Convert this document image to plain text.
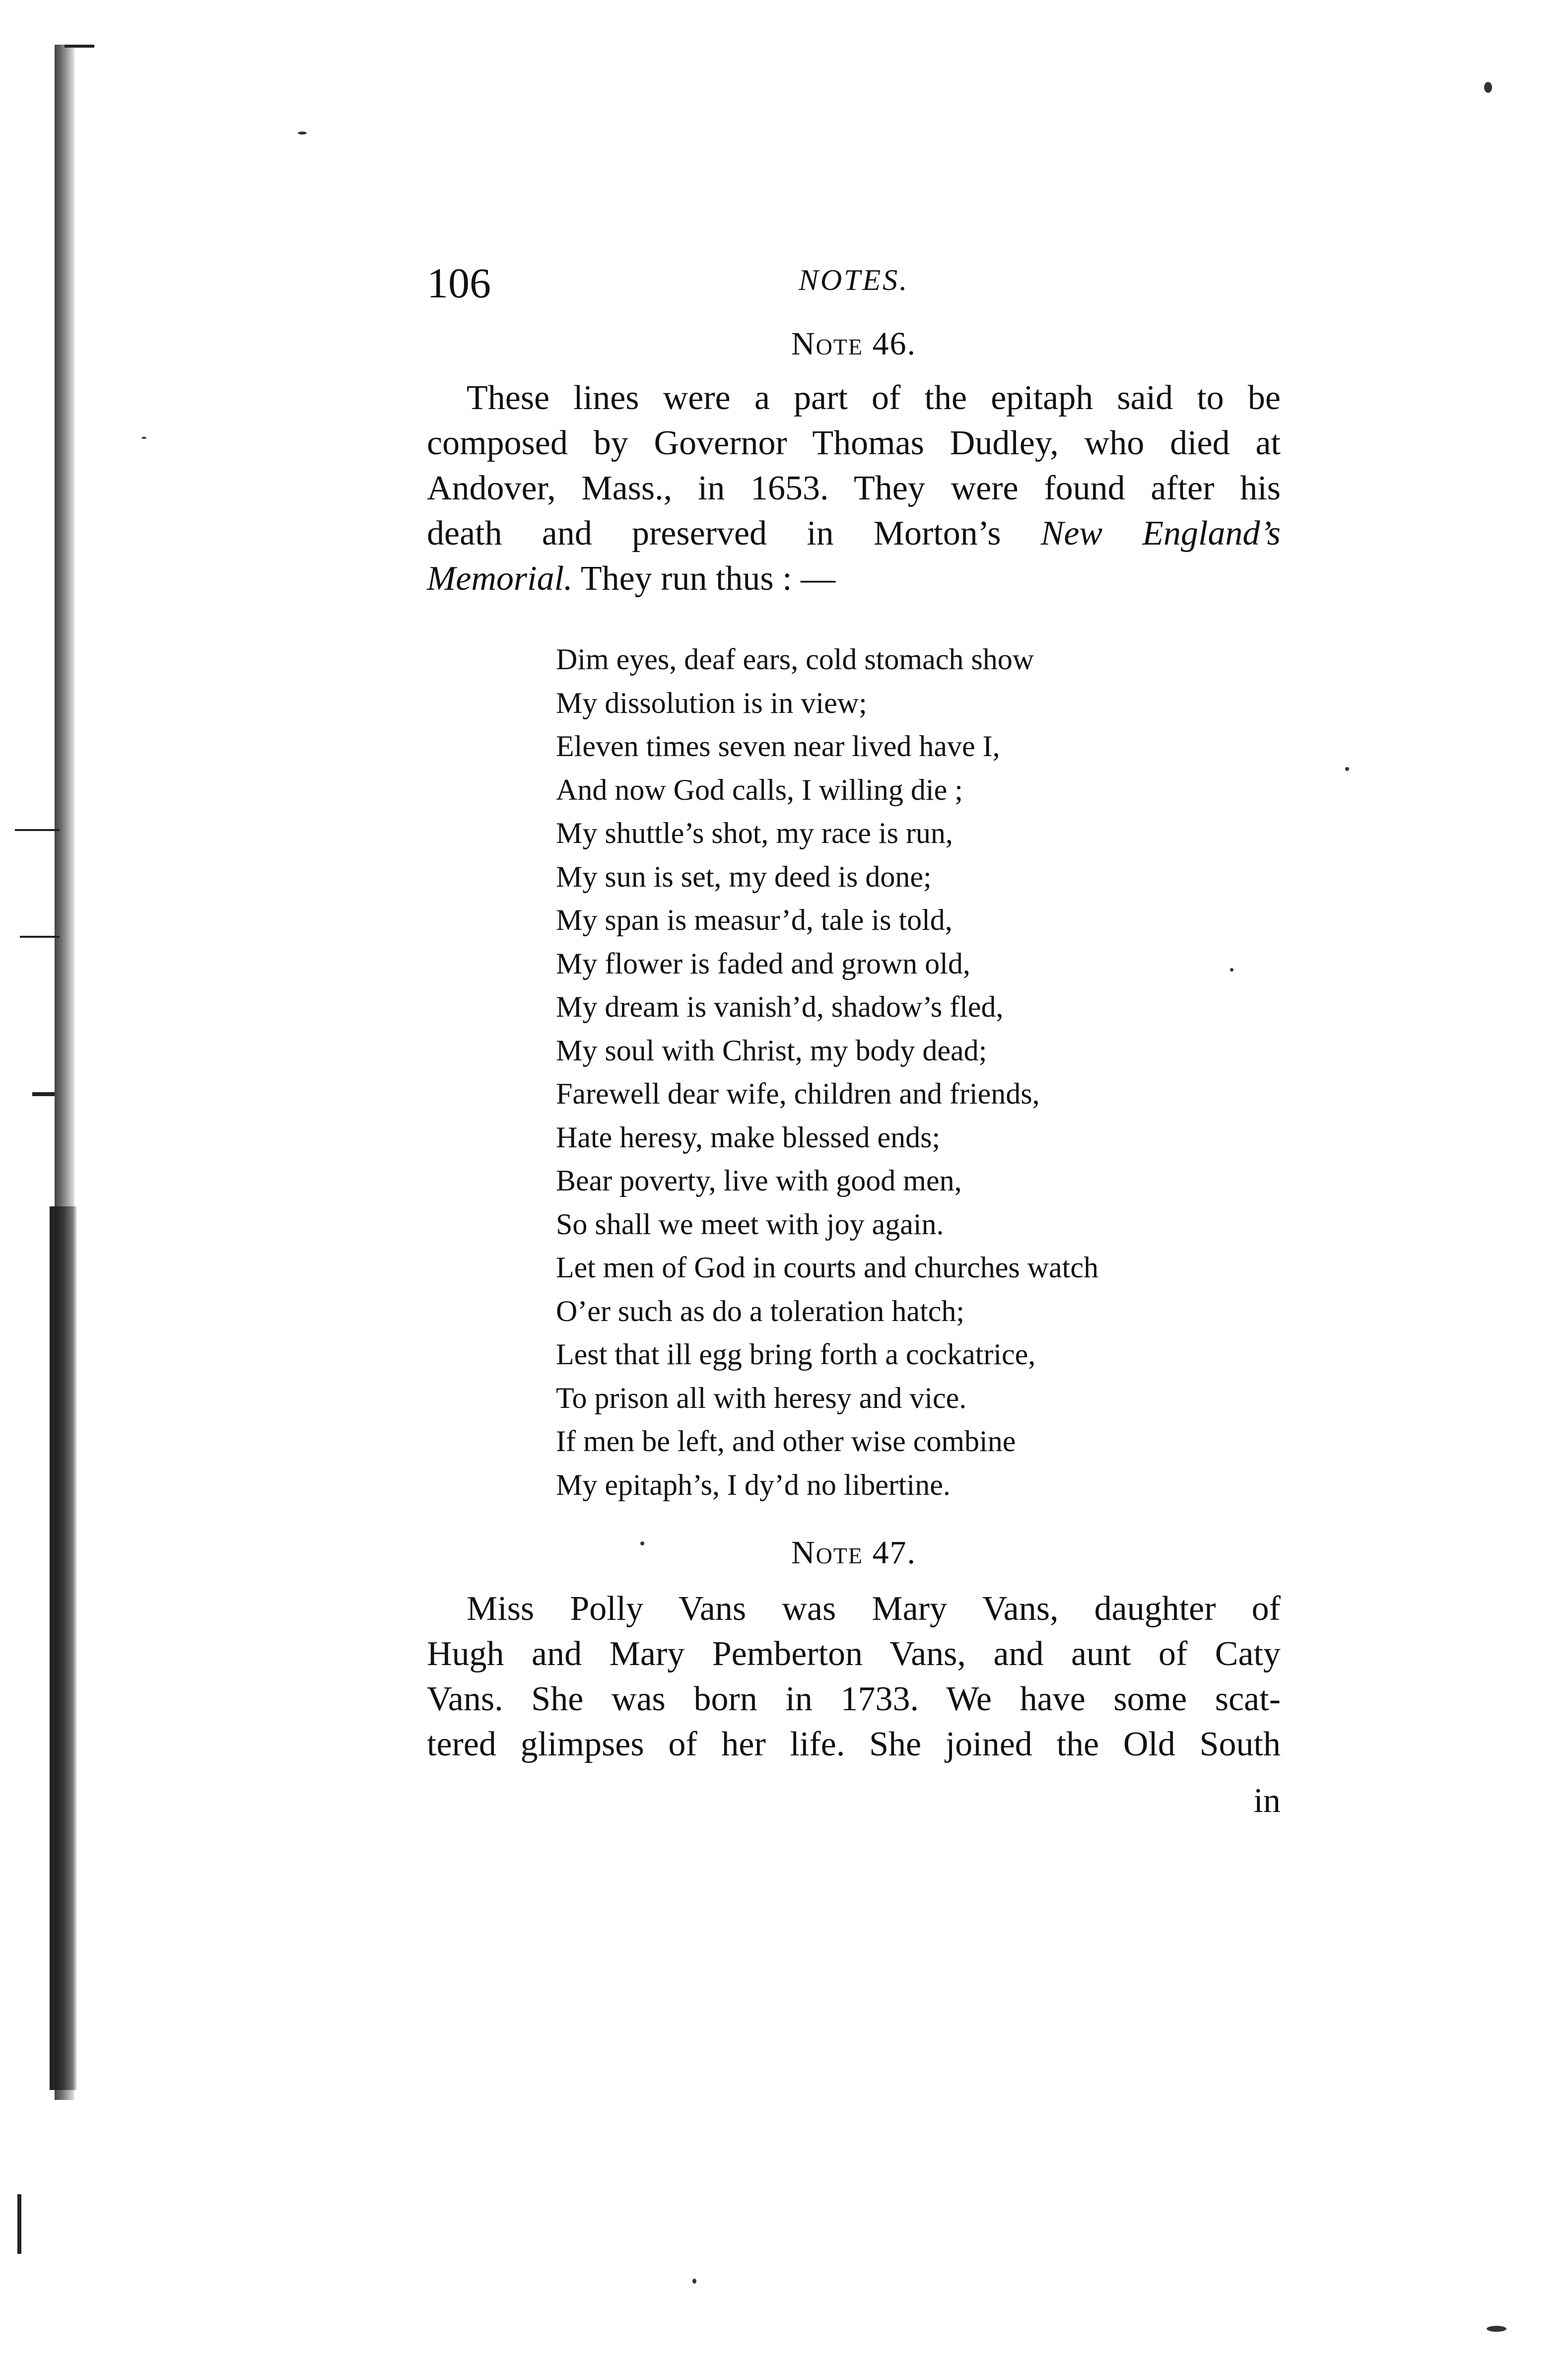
106	NOTES.
Note 46.
These lines were a part of the epitaph said to be
composed by Governor Thomas Dudley, who died at
Andover, Mass., in 1653. They were found after his
death and preserved in Morton’s New England’s
Memorial. They run thus : —
Dim eyes, deaf ears, cold stomach show
My dissolution is in view;
Eleven times seven near lived have I,
And now God calls, I willing die ;
My shuttle’s shot, my race is run,
My sun is set, my deed is done;
My span is measur’d, tale is told,
My flower is faded and grown old,
My dream is vanish’d, shadow’s fled,
My soul with Christ, my body dead;
Farewell dear wife, children and friends,
Hate heresy, make blessed ends;
Bear poverty, live with good men,
So shall we meet with joy again.
Let men of God in courts and churches watch
O’er such as do a toleration hatch;
Lest that ill egg bring forth a cockatrice,
To prison all with heresy and vice.
If men be left, and other wise combine
My epitaph’s, I dy’d no libertine.
Note 47.
Miss Polly Vans was Mary Vans, daughter of
Hugh and Mary Pemberton Vans, and aunt of Caty
Vans. She was born in 1733. We have some scat-
tered glimpses of her life. She joined the Old South
in
